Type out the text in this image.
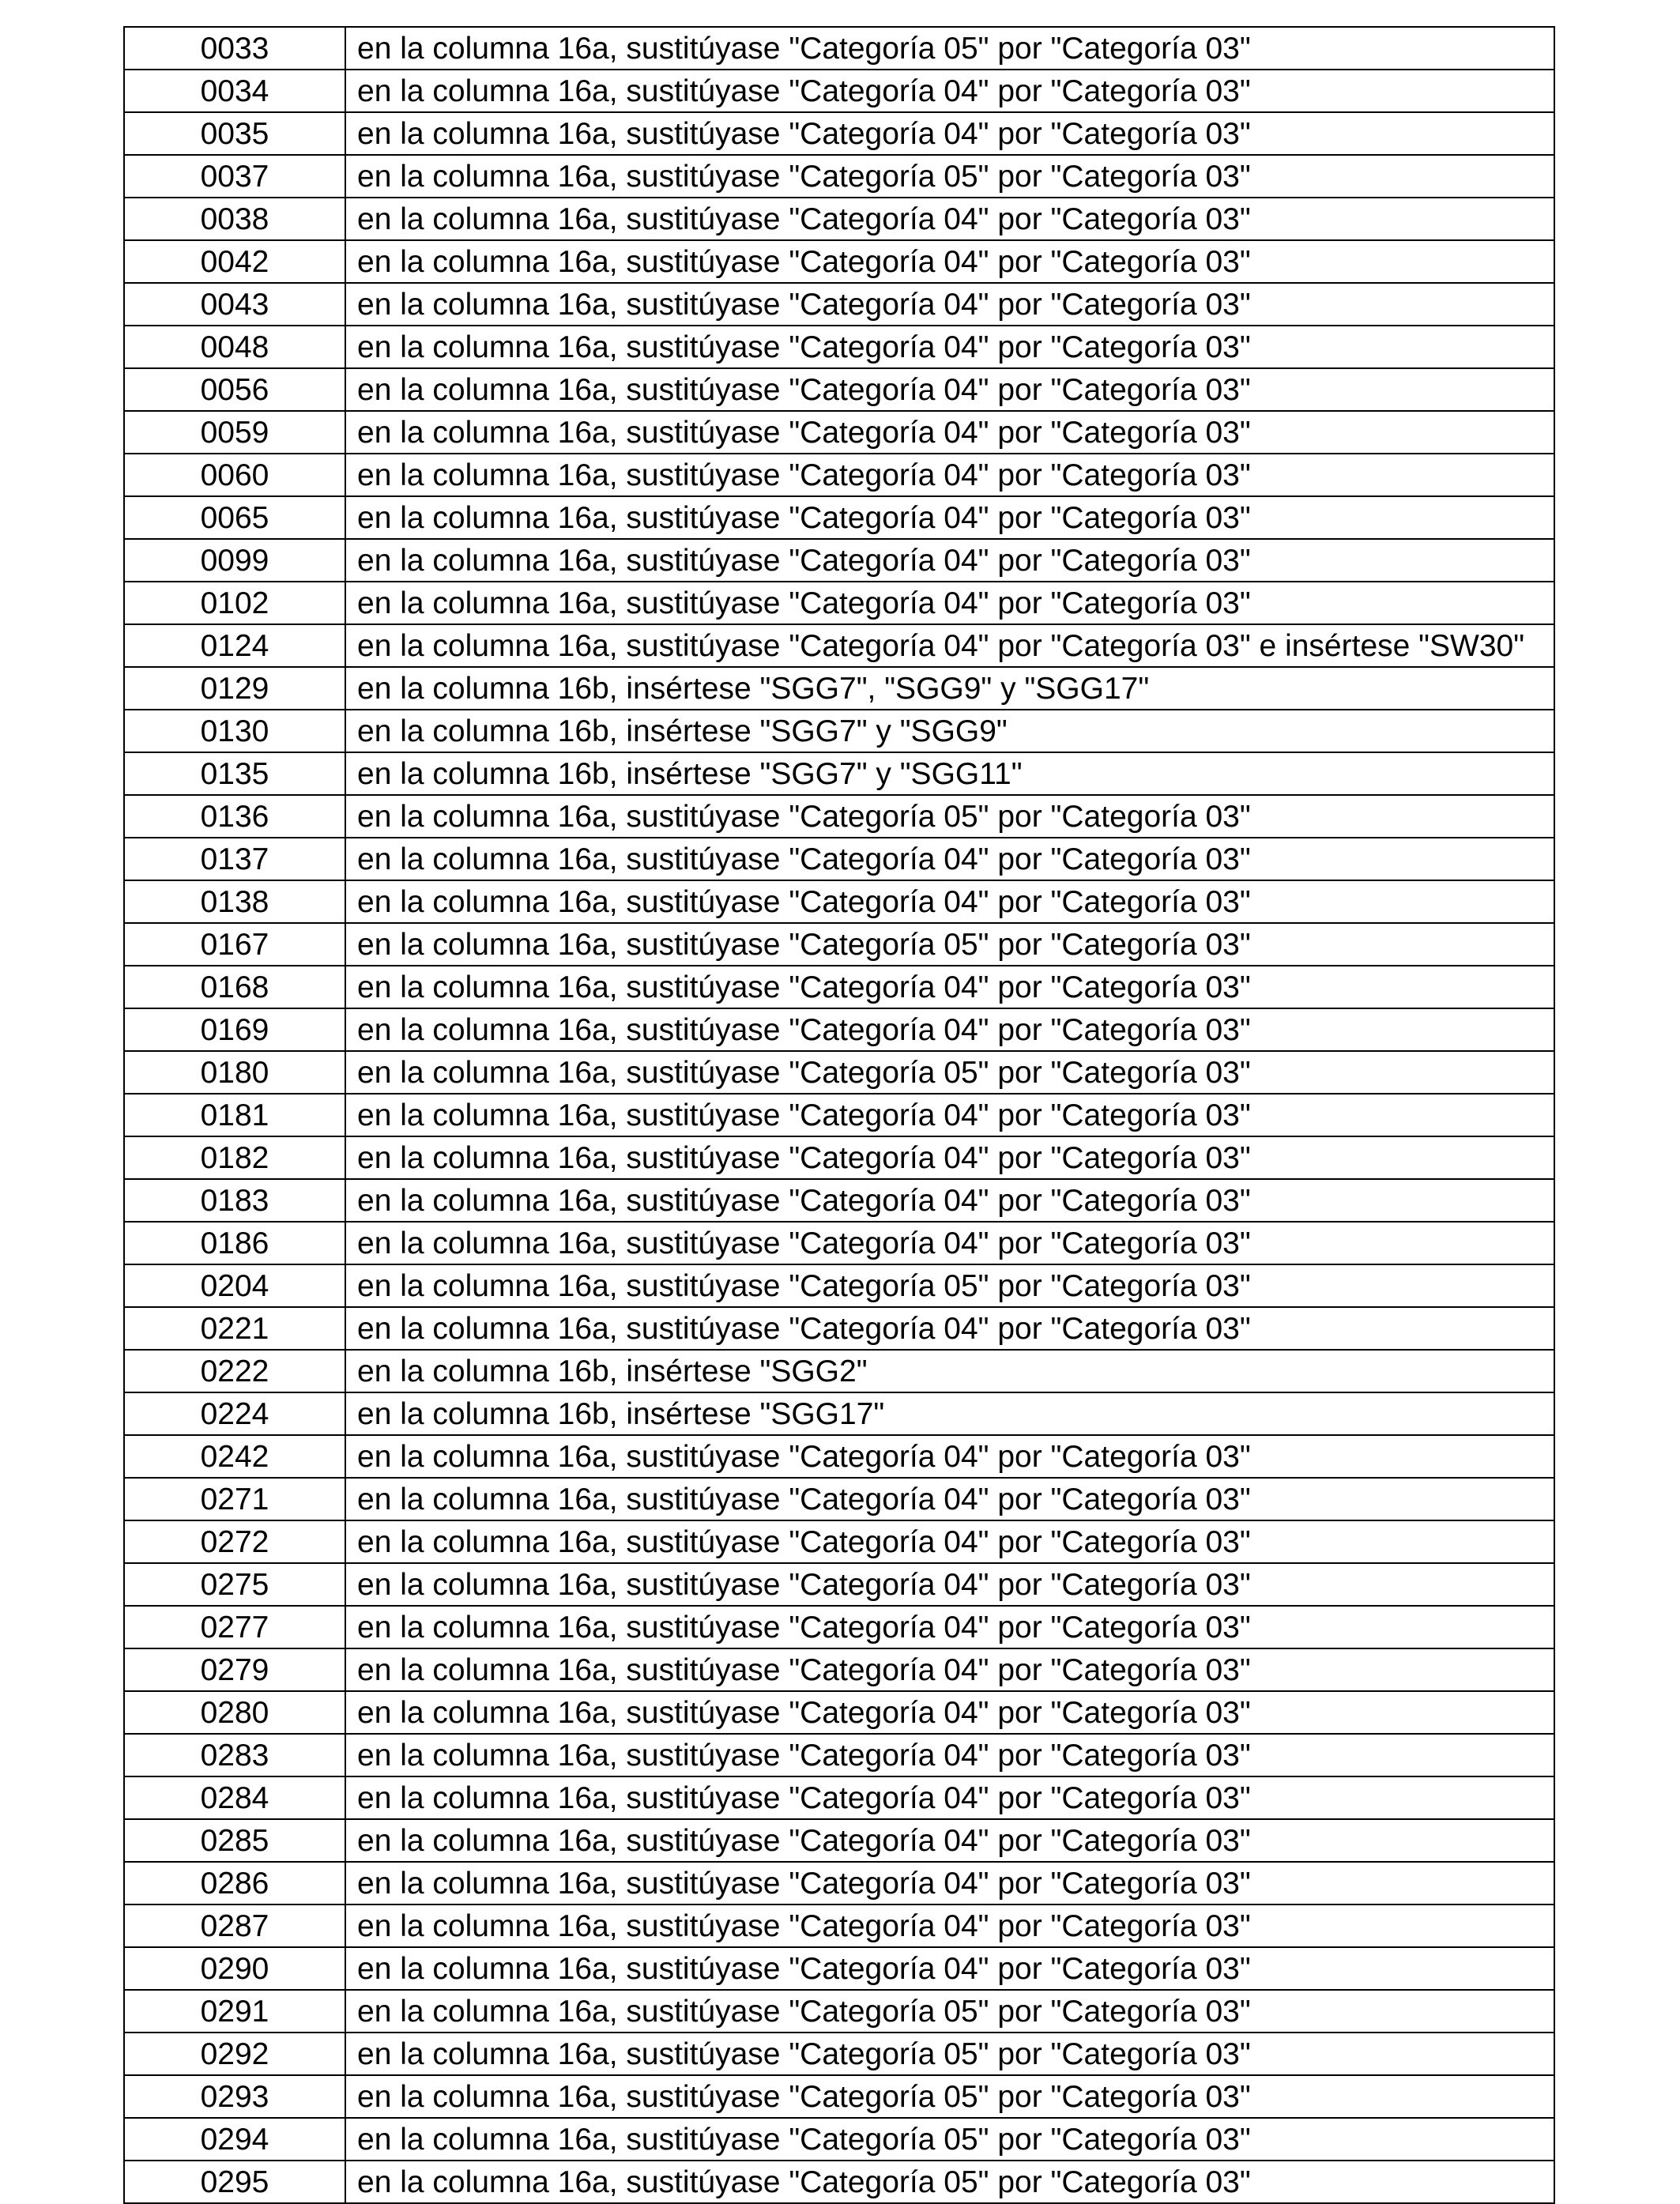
0033	en la columna 16a, sustitúyase "Categoría 05" por "Categoría 03"
0034	en la columna 16a, sustitúyase "Categoría 04" por "Categoría 03"
0035	en la columna 16a, sustitúyase "Categoría 04" por "Categoría 03"
0037	en la columna 16a, sustitúyase "Categoría 05" por "Categoría 03"
0038	en la columna 16a, sustitúyase "Categoría 04" por "Categoría 03"
0042	en la columna 16a, sustitúyase "Categoría 04" por "Categoría 03"
0043	en la columna 16a, sustitúyase "Categoría 04" por "Categoría 03"
0048	en la columna 16a, sustitúyase "Categoría 04" por "Categoría 03"
0056	en la columna 16a, sustitúyase "Categoría 04" por "Categoría 03"
0059	en la columna 16a, sustitúyase "Categoría 04" por "Categoría 03"
0060	en la columna 16a, sustitúyase "Categoría 04" por "Categoría 03"
0065	en la columna 16a, sustitúyase "Categoría 04" por "Categoría 03"
0099	en la columna 16a, sustitúyase "Categoría 04" por "Categoría 03"
0102	en la columna 16a, sustitúyase "Categoría 04" por "Categoría 03"
0124	en la columna 16a, sustitúyase "Categoría 04" por "Categoría 03" e insértese "SW30"
0129	en la columna 16b, insértese "SGG7", "SGG9" y "SGG17"
0130	en la columna 16b, insértese "SGG7" y "SGG9"
0135	en la columna 16b, insértese "SGG7" y "SGG11"
0136	en la columna 16a, sustitúyase "Categoría 05" por "Categoría 03"
0137	en la columna 16a, sustitúyase "Categoría 04" por "Categoría 03"
0138	en la columna 16a, sustitúyase "Categoría 04" por "Categoría 03"
0167	en la columna 16a, sustitúyase "Categoría 05" por "Categoría 03"
0168	en la columna 16a, sustitúyase "Categoría 04" por "Categoría 03"
0169	en la columna 16a, sustitúyase "Categoría 04" por "Categoría 03"
0180	en la columna 16a, sustitúyase "Categoría 05" por "Categoría 03"
0181	en la columna 16a, sustitúyase "Categoría 04" por "Categoría 03"
0182	en la columna 16a, sustitúyase "Categoría 04" por "Categoría 03"
0183	en la columna 16a, sustitúyase "Categoría 04" por "Categoría 03"
0186	en la columna 16a, sustitúyase "Categoría 04" por "Categoría 03"
0204	en la columna 16a, sustitúyase "Categoría 05" por "Categoría 03"
0221	en la columna 16a, sustitúyase "Categoría 04" por "Categoría 03"
0222	en la columna 16b, insértese "SGG2"
0224	en la columna 16b, insértese "SGG17"
0242	en la columna 16a, sustitúyase "Categoría 04" por "Categoría 03"
0271	en la columna 16a, sustitúyase "Categoría 04" por "Categoría 03"
0272	en la columna 16a, sustitúyase "Categoría 04" por "Categoría 03"
0275	en la columna 16a, sustitúyase "Categoría 04" por "Categoría 03"
0277	en la columna 16a, sustitúyase "Categoría 04" por "Categoría 03"
0279	en la columna 16a, sustitúyase "Categoría 04" por "Categoría 03"
0280	en la columna 16a, sustitúyase "Categoría 04" por "Categoría 03"
0283	en la columna 16a, sustitúyase "Categoría 04" por "Categoría 03"
0284	en la columna 16a, sustitúyase "Categoría 04" por "Categoría 03"
0285	en la columna 16a, sustitúyase "Categoría 04" por "Categoría 03"
0286	en la columna 16a, sustitúyase "Categoría 04" por "Categoría 03"
0287	en la columna 16a, sustitúyase "Categoría 04" por "Categoría 03"
0290	en la columna 16a, sustitúyase "Categoría 04" por "Categoría 03"
0291	en la columna 16a, sustitúyase "Categoría 05" por "Categoría 03"
0292	en la columna 16a, sustitúyase "Categoría 05" por "Categoría 03"
0293	en la columna 16a, sustitúyase "Categoría 05" por "Categoría 03"
0294	en la columna 16a, sustitúyase "Categoría 05" por "Categoría 03"
0295	en la columna 16a, sustitúyase "Categoría 05" por "Categoría 03"
